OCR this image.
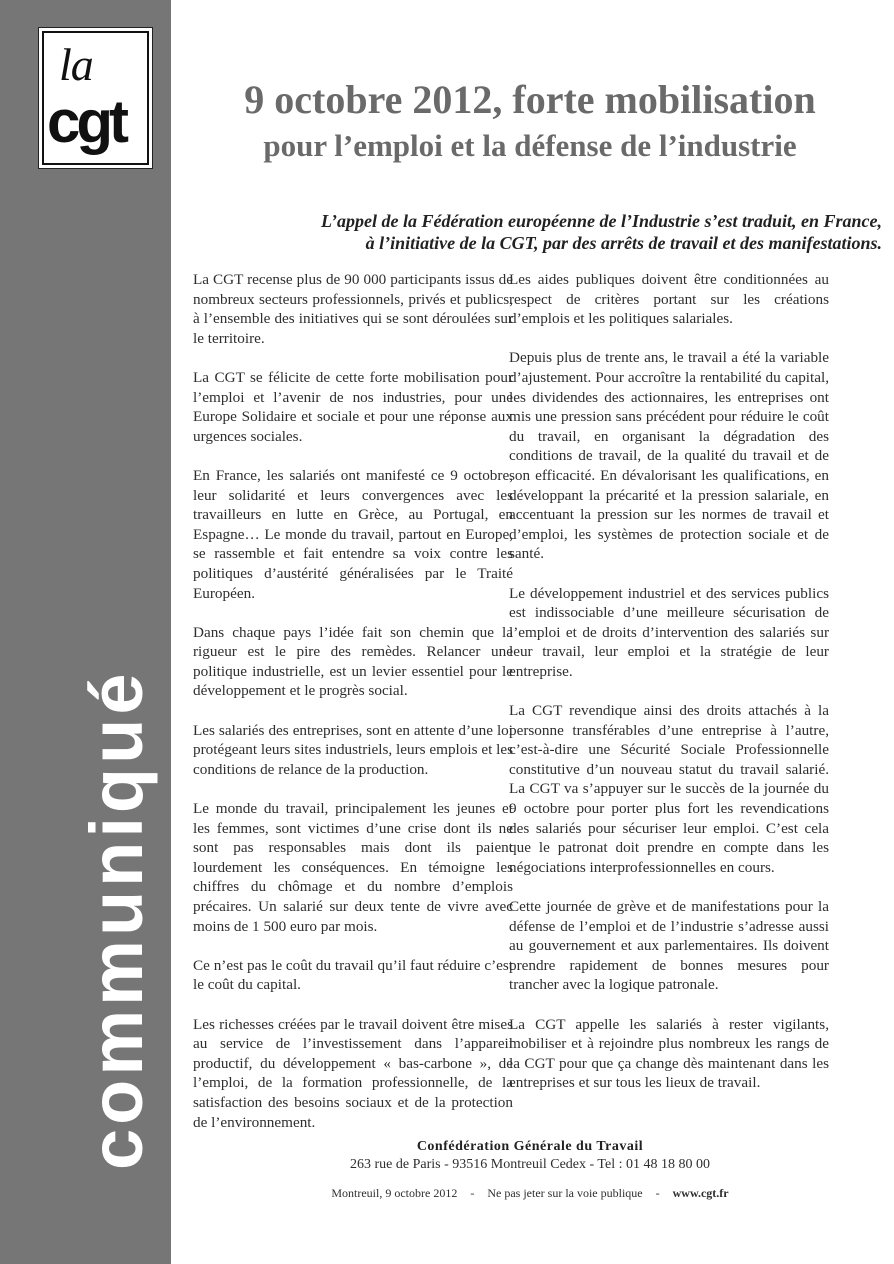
la
cgt
communiqué
9 octobre 2012, forte mobilisation
pour l’emploi et la défense de l’industrie
L’appel de la Fédération européenne de l’Industrie s’est traduit, en France,
à l’initiative de la CGT, par des arrêts de travail et des manifestations.

La CGT recense plus de 90 000 participants issus de nombreux secteurs professionnels, privés et publics, à l’ensemble des initiatives qui se sont déroulées sur le territoire.

La CGT se félicite de cette forte mobilisation pour l’emploi et l’avenir de nos industries, pour une Europe Solidaire et sociale et pour une réponse aux urgences sociales.

En France, les salariés ont manifesté ce 9 octobre, leur solidarité et leurs convergences avec les travailleurs en lutte en Grèce, au Portugal, en Espagne… Le monde du travail, partout en Europe, se rassemble et fait entendre sa voix contre les politiques d’austérité généralisées par le Traité Européen.

Dans chaque pays l’idée fait son chemin que la rigueur est le pire des remèdes. Relancer une politique industrielle, est un levier essentiel pour le développement et le progrès social.

Les salariés des entreprises, sont en attente d’une loi protégeant leurs sites industriels, leurs emplois et les conditions de relance de la production.

Le monde du travail, principalement les jeunes et les femmes, sont victimes d’une crise dont ils ne sont pas responsables mais dont ils paient lourdement les conséquences. En témoigne les chiffres du chômage et du nombre d’emplois précaires. Un salarié sur deux tente de vivre avec moins de 1 500 euro par mois.

Ce n’est pas le coût du travail qu’il faut réduire c’est le coût du capital.

Les richesses créées par le travail doivent être mises au service de l’investissement dans l’appareil productif, du développement « bas-carbone », de l’emploi, de la formation professionnelle, de la satisfaction des besoins sociaux et de la protection de l’environnement.

Les aides publiques doivent être conditionnées au respect de critères portant sur les créations d’emplois et les politiques salariales.

Depuis plus de trente ans, le travail a été la variable d’ajustement. Pour accroître la rentabilité du capital, les dividendes des actionnaires, les entreprises ont mis une pression sans précédent pour réduire le coût du travail, en organisant la dégradation des conditions de travail, de la qualité du travail et de son efficacité. En dévalorisant les qualifications, en développant la précarité et la pression salariale, en accentuant la pression sur les normes de travail et d’emploi, les systèmes de protection sociale et de santé.

Le développement industriel et des services publics est indissociable d’une meilleure sécurisation de l’emploi et de droits d’intervention des salariés sur leur travail, leur emploi et la stratégie de leur entreprise.

La CGT revendique ainsi des droits attachés à la personne transférables d’une entreprise à l’autre, c’est-à-dire une Sécurité Sociale Professionnelle constitutive d’un nouveau statut du travail salarié. La CGT va s’appuyer sur le succès de la journée du 9 octobre pour porter plus fort les revendications des salariés pour sécuriser leur emploi. C’est cela que le patronat doit prendre en compte dans les négociations interprofessionnelles en cours.

Cette journée de grève et de manifestations pour la défense de l’emploi et de l’industrie s’adresse aussi au gouvernement et aux parlementaires. Ils doivent prendre rapidement de bonnes mesures pour trancher avec la logique patronale.

La CGT appelle les salariés à rester vigilants, mobiliser et à rejoindre plus nombreux les rangs de la CGT pour que ça change dès maintenant dans les entreprises et sur tous les lieux de travail.

Confédération Générale du Travail
263 rue de Paris - 93516 Montreuil Cedex - Tel : 01 48 18 80 00
Montreuil, 9 octobre 2012 - Ne pas jeter sur la voie publique - www.cgt.fr
